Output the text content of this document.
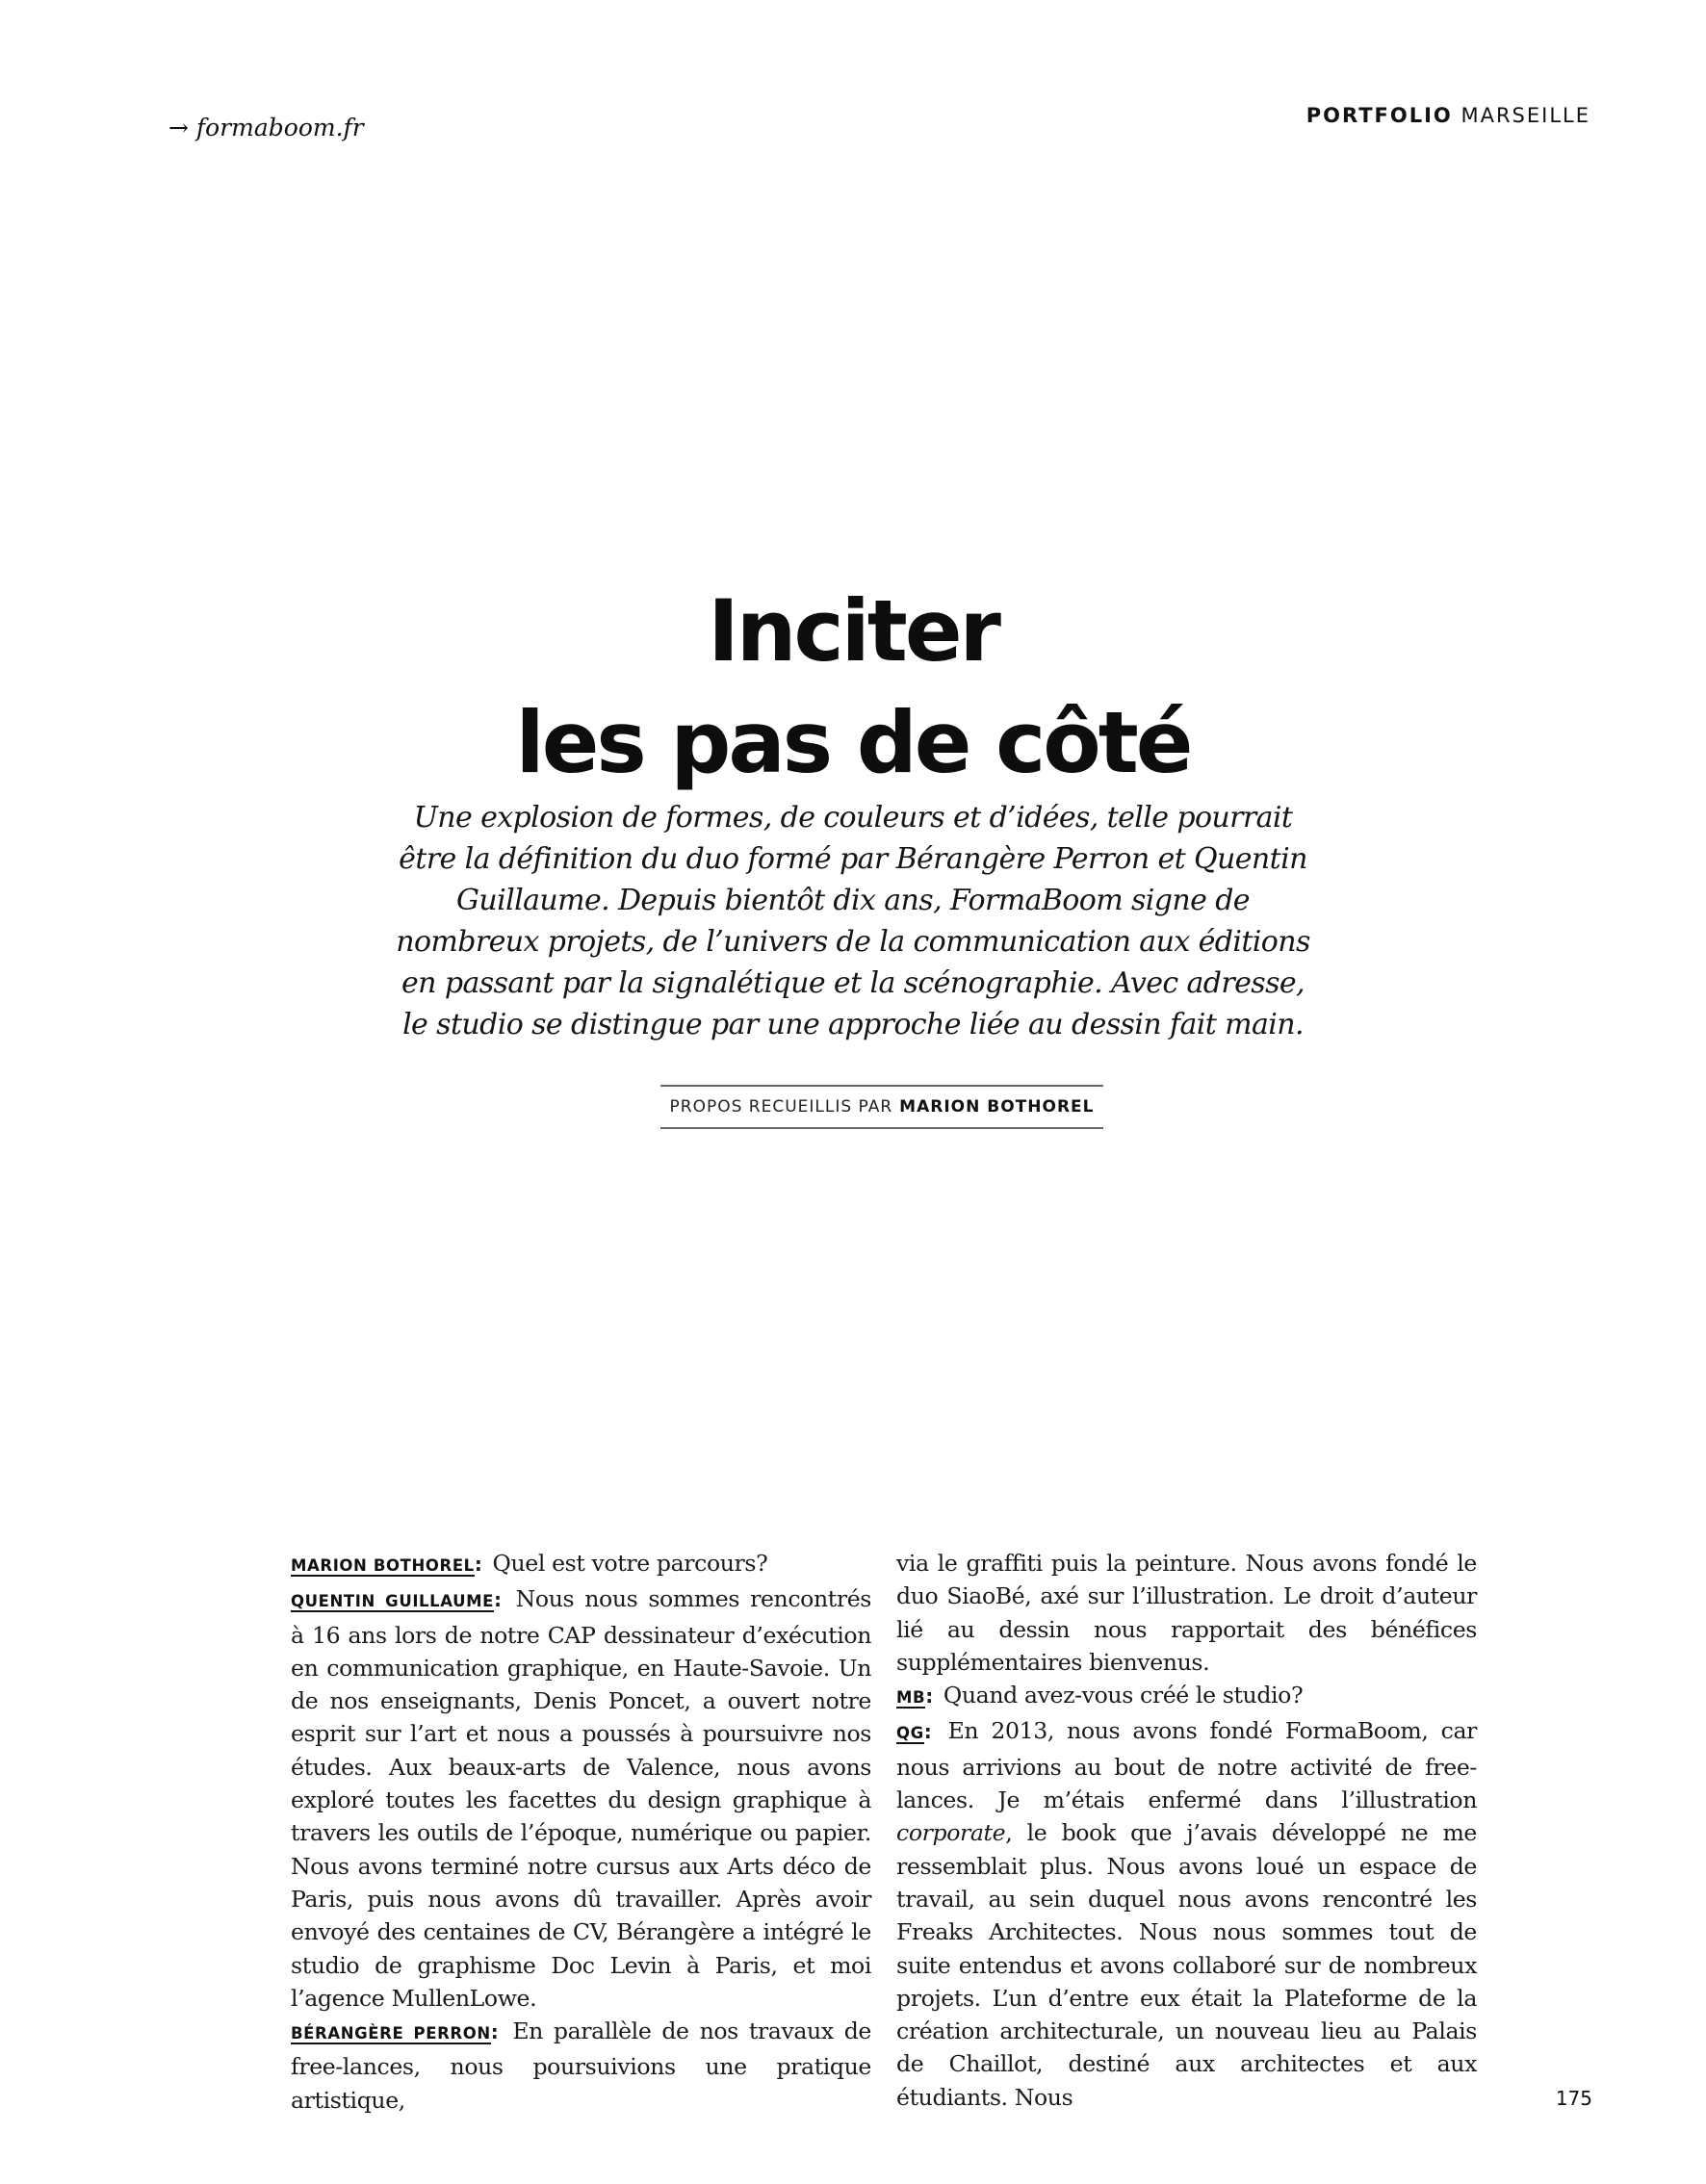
→ formaboom.fr	PORTFOLIO MARSEILLE
Inciter
les pas de côté
Une explosion de formes, de couleurs et d’idées, telle pourrait être la définition du duo formé par Bérangère Perron et Quentin Guillaume. Depuis bientôt dix ans, FormaBoom signe de nombreux projets, de l’univers de la communication aux éditions en passant par la signalétique et la scénographie. Avec adresse, le studio se distingue par une approche liée au dessin fait main.
PROPOS RECUEILLIS PAR MARION BOTHOREL

MARION BOTHOREL: Quel est votre parcours?

QUENTIN GUILLAUME: Nous nous sommes rencontrés à 16 ans lors de notre CAP dessinateur d’exécution en communication graphique, en Haute-Savoie. Un de nos enseignants, Denis Poncet, a ouvert notre esprit sur l’art et nous a poussés à poursuivre nos études. Aux beaux-arts de Valence, nous avons exploré toutes les facettes du design graphique à travers les outils de l’époque, numérique ou papier. Nous avons terminé notre cursus aux Arts déco de Paris, puis nous avons dû travailler. Après avoir envoyé des centaines de CV, Bérangère a intégré le studio de graphisme Doc Levin à Paris, et moi l’agence MullenLowe.

BÉRANGÈRE PERRON: En parallèle de nos travaux de free-lances, nous poursuivions une pratique artistique,

via le graffiti puis la peinture. Nous avons fondé le duo SiaoBé, axé sur l’illustration. Le droit d’auteur lié au dessin nous rapportait des bénéfices supplémentaires bienvenus.

MB: Quand avez-vous créé le studio?

QG: En 2013, nous avons fondé FormaBoom, car nous arrivions au bout de notre activité de free-lances. Je m’étais enfermé dans l’illustration corporate, le book que j’avais développé ne me ressemblait plus. Nous avons loué un espace de travail, au sein duquel nous avons rencontré les Freaks Architectes. Nous nous sommes tout de suite entendus et avons collaboré sur de nombreux projets. L’un d’entre eux était la Plateforme de la création architecturale, un nouveau lieu au Palais de Chaillot, destiné aux architectes et aux étudiants. Nous	175
